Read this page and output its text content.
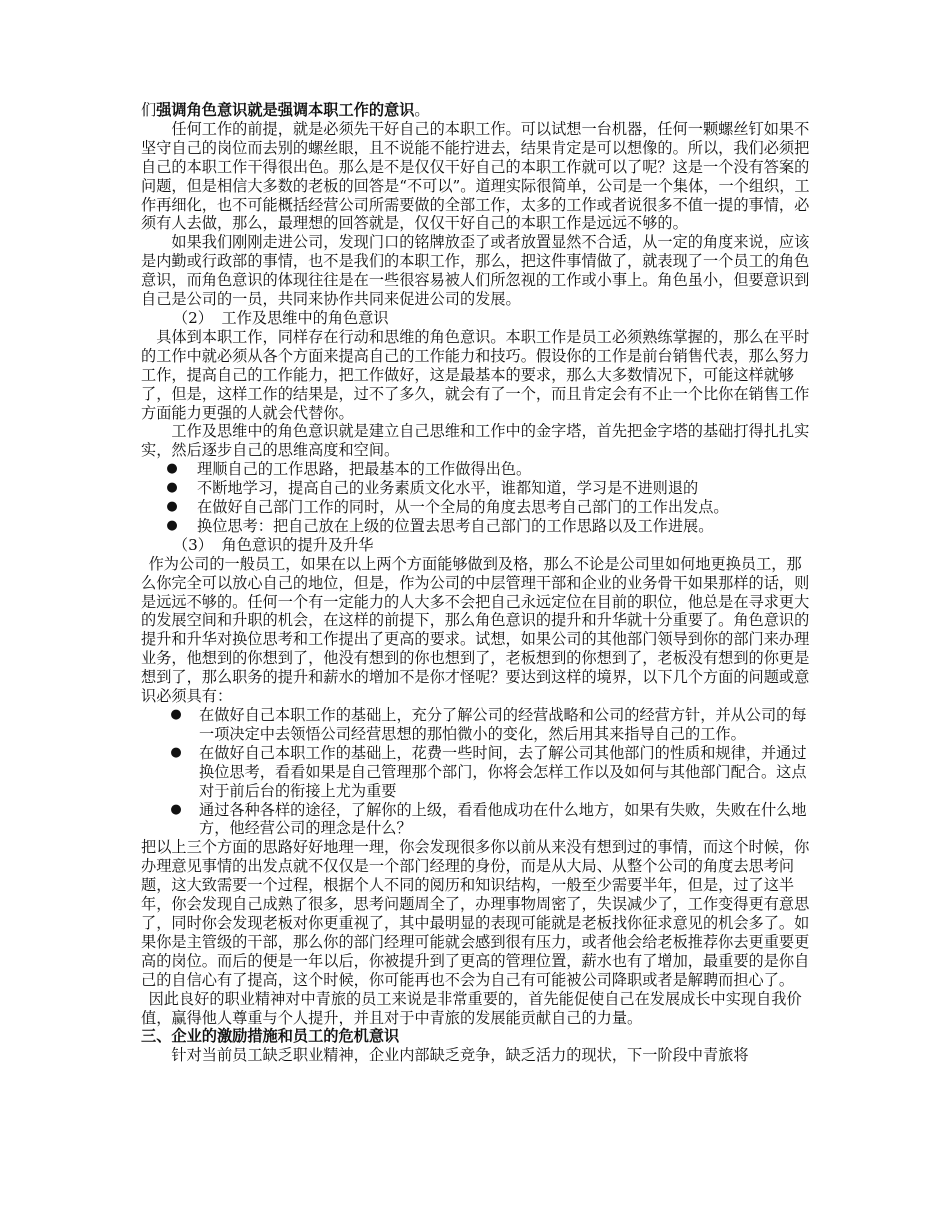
们强调角色意识就是强调本职工作的意识。

任何工作的前提，就是必须先干好自己的本职工作。可以试想一台机器，任何一颗螺丝钉如果不坚守自己的岗位而去别的螺丝眼，且不说能不能拧进去，结果肯定是可以想像的。所以，我们必须把自己的本职工作干得很出色。那么是不是仅仅干好自己的本职工作就可以了呢？这是一个没有答案的问题，但是相信大多数的老板的回答是“不可以”。道理实际很简单，公司是一个集体，一个组织，工作再细化，也不可能概括经营公司所需要做的全部工作，太多的工作或者说很多不值一提的事情，必须有人去做，那么，最理想的回答就是，仅仅干好自己的本职工作是远远不够的。

如果我们刚刚走进公司，发现门口的铭牌放歪了或者放置显然不合适，从一定的角度来说，应该是内勤或行政部的事情，也不是我们的本职工作，那么，把这件事情做了，就表现了一个员工的角色意识，而角色意识的体现往往是在一些很容易被人们所忽视的工作或小事上。角色虽小，但要意识到自己是公司的一员，共同来协作共同来促进公司的发展。

（2） 工作及思维中的角色意识

具体到本职工作，同样存在行动和思维的角色意识。本职工作是员工必须熟练掌握的，那么在平时的工作中就必须从各个方面来提高自己的工作能力和技巧。假设你的工作是前台销售代表，那么努力工作，提高自己的工作能力，把工作做好，这是最基本的要求，那么大多数情况下，可能这样就够了，但是，这样工作的结果是，过不了多久，就会有了一个，而且肯定会有不止一个比你在销售工作方面能力更强的人就会代替你。

工作及思维中的角色意识就是建立自己思维和工作中的金字塔，首先把金字塔的基础打得扎扎实实，然后逐步自己的思维高度和空间。

● 理顺自己的工作思路，把最基本的工作做得出色。
● 不断地学习，提高自己的业务素质文化水平，谁都知道，学习是不进则退的
● 在做好自己部门工作的同时，从一个全局的角度去思考自己部门的工作出发点。
● 换位思考：把自己放在上级的位置去思考自己部门的工作思路以及工作进展。

（3） 角色意识的提升及升华

作为公司的一般员工，如果在以上两个方面能够做到及格，那么不论是公司里如何地更换员工，那么你完全可以放心自己的地位，但是，作为公司的中层管理干部和企业的业务骨干如果那样的话，则是远远不够的。任何一个有一定能力的人大多不会把自己永远定位在目前的职位，他总是在寻求更大的发展空间和升职的机会，在这样的前提下，那么角色意识的提升和升华就十分重要了。角色意识的提升和升华对换位思考和工作提出了更高的要求。试想，如果公司的其他部门领导到你的部门来办理业务，他想到的你想到了，他没有想到的你也想到了，老板想到的你想到了，老板没有想到的你更是想到了，那么职务的提升和薪水的增加不是你才怪呢？要达到这样的境界，以下几个方面的问题或意识必须具有：

● 在做好自己本职工作的基础上，充分了解公司的经营战略和公司的经营方针，并从公司的每一项决定中去领悟公司经营思想的那怕微小的变化，然后用其来指导自己的工作。
● 在做好自己本职工作的基础上，花费一些时间，去了解公司其他部门的性质和规律，并通过换位思考，看看如果是自己管理那个部门，你将会怎样工作以及如何与其他部门配合。这点对于前后台的衔接上尤为重要
● 通过各种各样的途径，了解你的上级，看看他成功在什么地方，如果有失败，失败在什么地方，他经营公司的理念是什么？

把以上三个方面的思路好好地理一理，你会发现很多你以前从来没有想到过的事情，而这个时候，你办理意见事情的出发点就不仅仅是一个部门经理的身份，而是从大局、从整个公司的角度去思考问题，这大致需要一个过程，根据个人不同的阅历和知识结构，一般至少需要半年，但是，过了这半年，你会发现自己成熟了很多，思考问题周全了，办理事物周密了，失误减少了，工作变得更有意思了，同时你会发现老板对你更重视了，其中最明显的表现可能就是老板找你征求意见的机会多了。如果你是主管级的干部，那么你的部门经理可能就会感到很有压力，或者他会给老板推荐你去更重要更高的岗位。而后的便是一年以后，你被提升到了更高的管理位置，薪水也有了增加，最重要的是你自己的自信心有了提高，这个时候，你可能再也不会为自己有可能被公司降职或者是解聘而担心了。

因此良好的职业精神对中青旅的员工来说是非常重要的，首先能促使自己在发展成长中实现自我价值，赢得他人尊重与个人提升，并且对于中青旅的发展能贡献自己的力量。

三、企业的激励措施和员工的危机意识

针对当前员工缺乏职业精神，企业内部缺乏竞争，缺乏活力的现状，下一阶段中青旅将
